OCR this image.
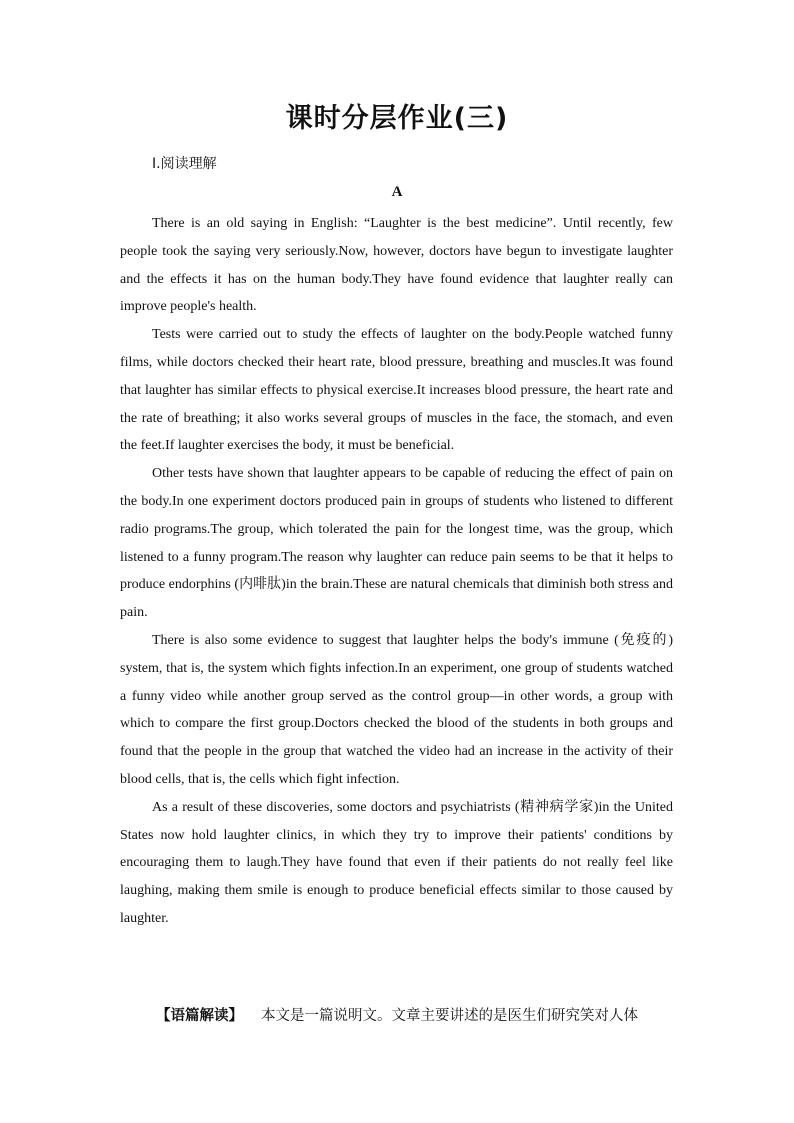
课时分层作业(三)
Ⅰ.阅读理解
A

There is an old saying in English: “Laughter is the best medicine”. Until recently, few people took the saying very seriously.Now, however, doctors have begun to investigate laughter and the effects it has on the human body.They have found evidence that laughter really can improve people's health.

Tests were carried out to study the effects of laughter on the body.People watched funny films, while doctors checked their heart rate, blood pressure, breathing and muscles.It was found that laughter has similar effects to physical exercise.It increases blood pressure, the heart rate and the rate of breathing; it also works several groups of muscles in the face, the stomach, and even the feet.If laughter exercises the body, it must be beneficial.

Other tests have shown that laughter appears to be capable of reducing the effect of pain on the body.In one experiment doctors produced pain in groups of students who listened to different radio programs.The group, which tolerated the pain for the longest time, was the group, which listened to a funny program.The reason why laughter can reduce pain seems to be that it helps to produce endorphins (内啡肽)in the brain.These are natural chemicals that diminish both stress and pain.

There is also some evidence to suggest that laughter helps the body's immune (免疫的) system, that is, the system which fights infection.In an experiment, one group of students watched a funny video while another group served as the control group—in other words, a group with which to compare the first group.Doctors checked the blood of the students in both groups and found that the people in the group that watched the video had an increase in the activity of their blood cells, that is, the cells which fight infection.

As a result of these discoveries, some doctors and psychiatrists (精神病学家)in the United States now hold laughter clinics, in which they try to improve their patients' conditions by encouraging them to laugh.They have found that even if their patients do not really feel like laughing, making them smile is enough to produce beneficial effects similar to those caused by laughter.

【语篇解读】 本文是一篇说明文。文章主要讲述的是医生们研究笑对人体
